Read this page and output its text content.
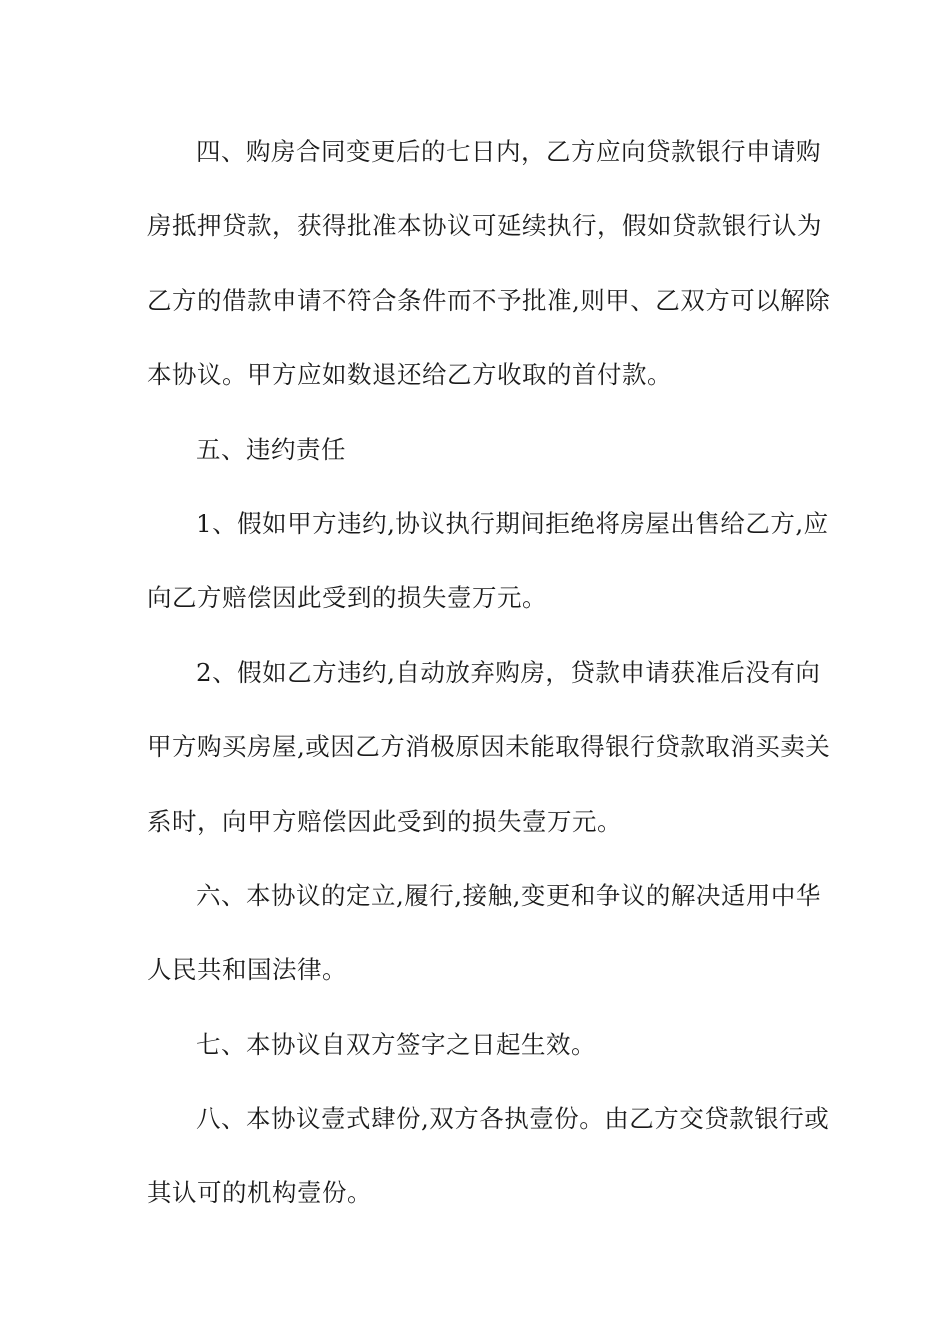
四、购房合同变更后的七日内，乙方应向贷款银行申请购
房抵押贷款，获得批准本协议可延续执行，假如贷款银行认为
乙方的借款申请不符合条件而不予批准,则甲、乙双方可以解除
本协议。甲方应如数退还给乙方收取的首付款。
五、违约责任
1、假如甲方违约,协议执行期间拒绝将房屋出售给乙方,应
向乙方赔偿因此受到的损失壹万元。
2、假如乙方违约,自动放弃购房，贷款申请获准后没有向
甲方购买房屋,或因乙方消极原因未能取得银行贷款取消买卖关
系时，向甲方赔偿因此受到的损失壹万元。
六、本协议的定立,履行,接触,变更和争议的解决适用中华
人民共和国法律。
七、本协议自双方签字之日起生效。
八、本协议壹式肆份,双方各执壹份。由乙方交贷款银行或
其认可的机构壹份。
